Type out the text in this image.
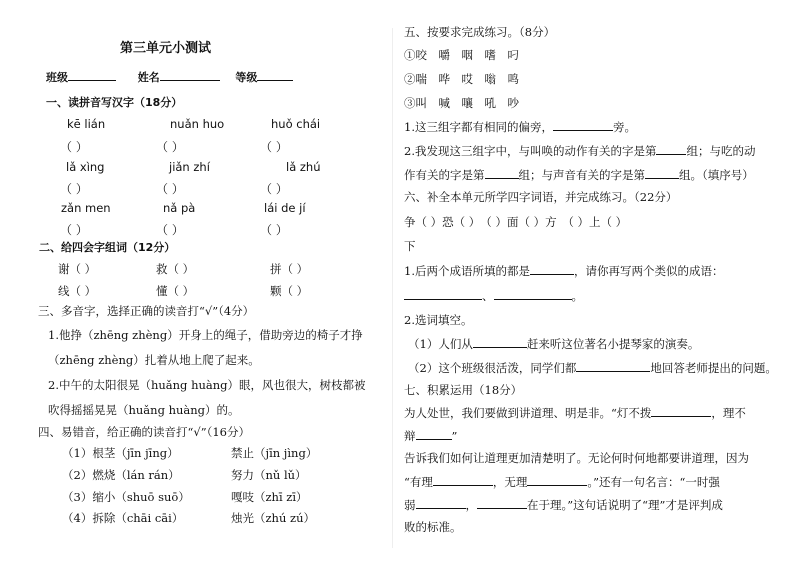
第三单元小测试
班级	姓名	等级
一、读拼音写汉字（18分）
kē lián	nuǎn huo	huǒ chái
（ ）	（ ）	（ ）
lǎ xìng	jiǎn zhí	lǎ zhú
（ ）	（ ）	（ ）
zǎn men	nǎ pà	lái de jí
（ ）	（ ）	（ ）
二、给四会字组词（12分）
谢（ ）	救（ ）	拼（ ）
线（ ）	懂（ ）	颗（ ）
三、多音字，选择正确的读音打“√”（4分）
1.他挣（zhēng zhèng）开身上的绳子，借助旁边的椅子才挣
（zhēng zhèng）扎着从地上爬了起来。
2.中午的太阳很晃（huǎng huàng）眼，风也很大，树枝都被
吹得摇摇晃晃（huǎng huàng）的。
四、易错音，给正确的读音打“√”（16分）
（1）根茎（jīn jīng）	禁止（jīn jìng）
（2）燃烧（lán rán）	努力（nǔ lǔ）
（3）缩小（shuō suō）	嘎吱（zhī zī）
（4）拆除（chāi cāi）	烛光（zhú zú）
五、按要求完成练习。（8分）
①咬　嚼　咽　嗜　叼
②喘　哗　哎　嗡　鸣
③叫　喊　嚷　吼　吵
1.这三组字都有相同的偏旁，	旁。
2.我发现这三组字中，与叫唤的动作有关的字是第	组；与吃的动
作有关的字是第	组；与声音有关的字是第	组。（填序号）
六、补全本单元所学四字词语，并完成练习。（22分）
争（ ）恐（ ）　（ ）面（ ）方　（ ）上（ ）
下
1.后两个成语所填的都是	，请你再写两个类似的成语：
、	。
2.选词填空。
（1）人们从	赶来听这位著名小提琴家的演奏。
（2）这个班级很活泼，同学们都	地回答老师提出的问题。
七、积累运用（18分）
为人处世，我们要做到讲道理、明是非。“灯不拨	，理不
辩	”
告诉我们如何让道理更加清楚明了。无论何时何地都要讲道理，因为
“有理	，无理	。”还有一句名言：“一时强
弱	，	在于理。”这句话说明了“理”才是评判成
败的标准。
